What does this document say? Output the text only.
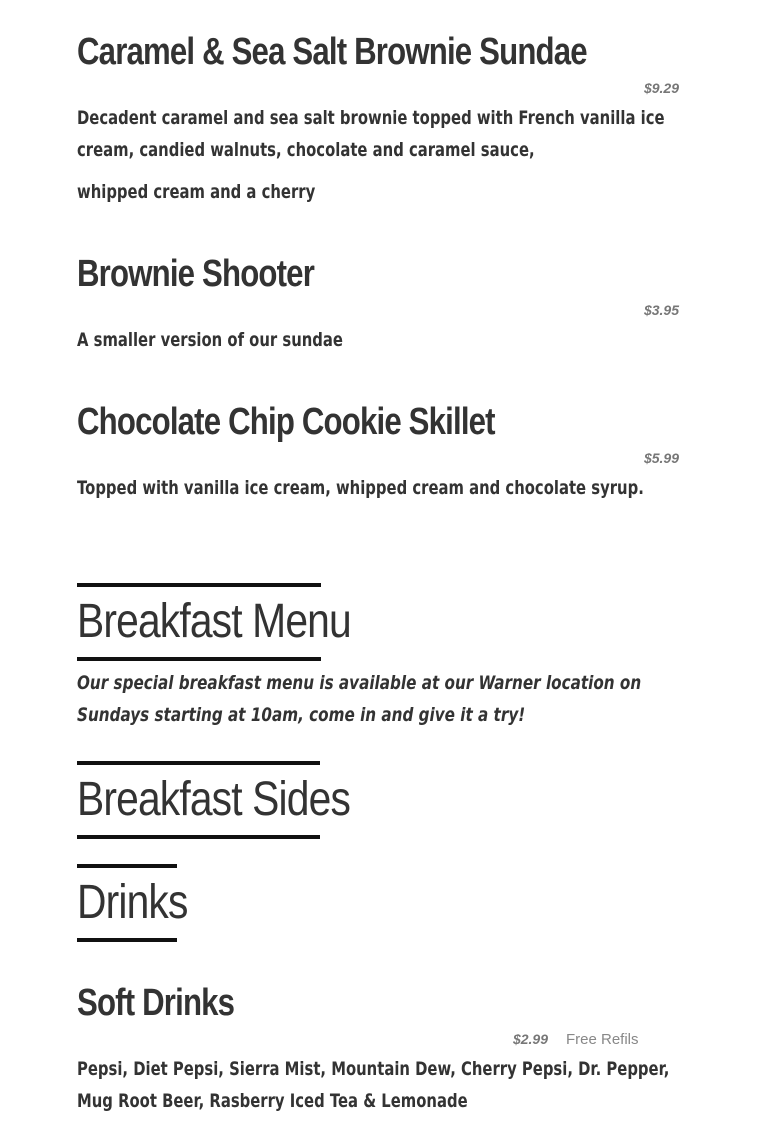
Caramel & Sea Salt Brownie Sundae
$9.29

Decadent caramel and sea salt brownie topped with French vanilla ice cream, candied walnuts, chocolate and caramel sauce,

whipped cream and a cherry

Brownie Shooter
$3.95

A smaller version of our sundae

Chocolate Chip Cookie Skillet
$5.99

Topped with vanilla ice cream, whipped cream and chocolate syrup.

Breakfast Menu

Our special breakfast menu is available at our Warner location on Sundays starting at 10am, come in and give it a try!

Breakfast Sides
Drinks
Soft Drinks
$2.99 Free Refils

Pepsi, Diet Pepsi, Sierra Mist, Mountain Dew, Cherry Pepsi, Dr. Pepper, Mug Root Beer, Rasberry Iced Tea & Lemonade
